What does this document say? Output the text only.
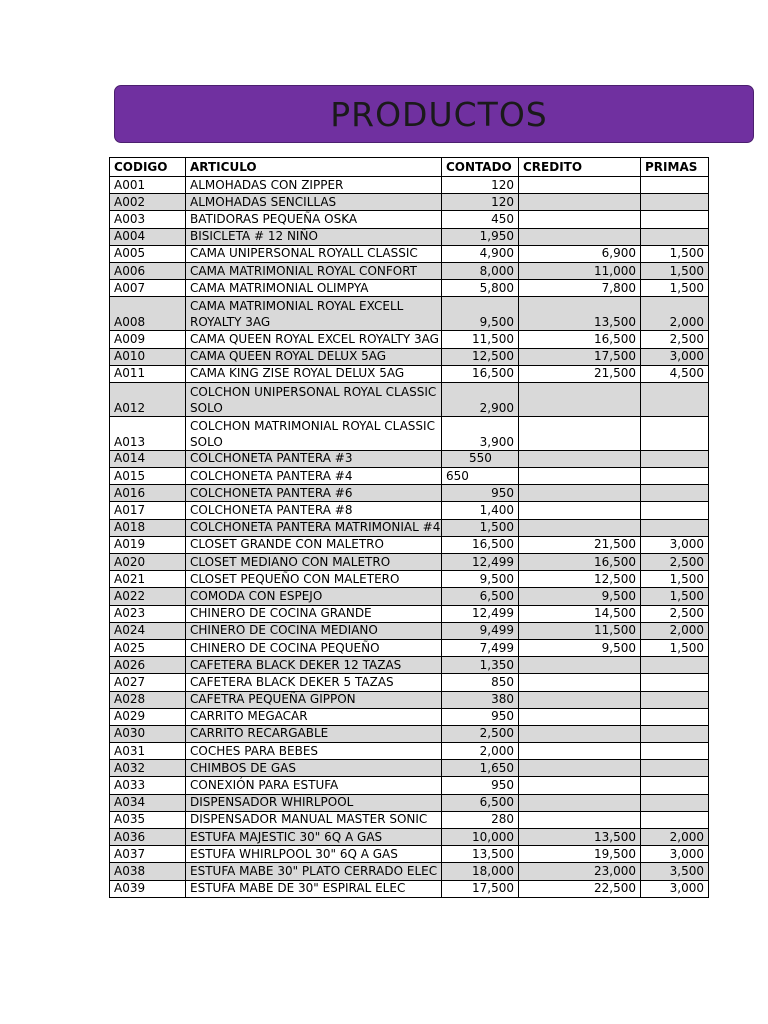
PRODUCTOS
CODIGO	ARTICULO	CONTADO	CREDITO	PRIMAS
A001	ALMOHADAS CON ZIPPER	120		
A002	ALMOHADAS SENCILLAS	120		
A003	BATIDORAS PEQUEÑA OSKA	450		
A004	BISICLETA # 12 NIÑO	1,950		
A005	CAMA UNIPERSONAL ROYALL CLASSIC	4,900	6,900	1,500
A006	CAMA MATRIMONIAL ROYAL CONFORT	8,000	11,000	1,500
A007	CAMA MATRIMONIAL OLIMPYA	5,800	7,800	1,500
A008	CAMA MATRIMONIAL ROYAL EXCELL ROYALTY 3AG	9,500	13,500	2,000
A009	CAMA QUEEN ROYAL EXCEL ROYALTY 3AG	11,500	16,500	2,500
A010	CAMA QUEEN ROYAL DELUX 5AG	12,500	17,500	3,000
A011	CAMA KING ZISE ROYAL DELUX 5AG	16,500	21,500	4,500
A012	COLCHON UNIPERSONAL ROYAL CLASSIC SOLO	2,900		
A013	COLCHON MATRIMONIAL ROYAL CLASSIC SOLO	3,900		
A014	COLCHONETA PANTERA #3	550		
A015	COLCHONETA PANTERA #4	650		
A016	COLCHONETA PANTERA #6	950		
A017	COLCHONETA PANTERA #8	1,400		
A018	COLCHONETA PANTERA MATRIMONIAL #4	1,500		
A019	CLOSET GRANDE CON MALETRO	16,500	21,500	3,000
A020	CLOSET MEDIANO CON MALETRO	12,499	16,500	2,500
A021	CLOSET PEQUEÑO CON MALETERO	9,500	12,500	1,500
A022	COMODA CON ESPEJO	6,500	9,500	1,500
A023	CHINERO DE COCINA GRANDE	12,499	14,500	2,500
A024	CHINERO DE COCINA MEDIANO	9,499	11,500	2,000
A025	CHINERO DE COCINA PEQUEÑO	7,499	9,500	1,500
A026	CAFETERA BLACK DEKER 12 TAZAS	1,350		
A027	CAFETERA BLACK DEKER 5 TAZAS	850		
A028	CAFETRA PEQUEÑA GIPPON	380		
A029	CARRITO MEGACAR	950		
A030	CARRITO RECARGABLE	2,500		
A031	COCHES PARA BEBES	2,000		
A032	CHIMBOS DE GAS	1,650		
A033	CONEXIÓN PARA ESTUFA	950		
A034	DISPENSADOR WHIRLPOOL	6,500		
A035	DISPENSADOR MANUAL MASTER SONIC	280		
A036	ESTUFA MAJESTIC 30" 6Q A GAS	10,000	13,500	2,000
A037	ESTUFA WHIRLPOOL 30" 6Q A GAS	13,500	19,500	3,000
A038	ESTUFA MABE 30" PLATO CERRADO ELEC	18,000	23,000	3,500
A039	ESTUFA MABE DE 30" ESPIRAL ELEC	17,500	22,500	3,000
